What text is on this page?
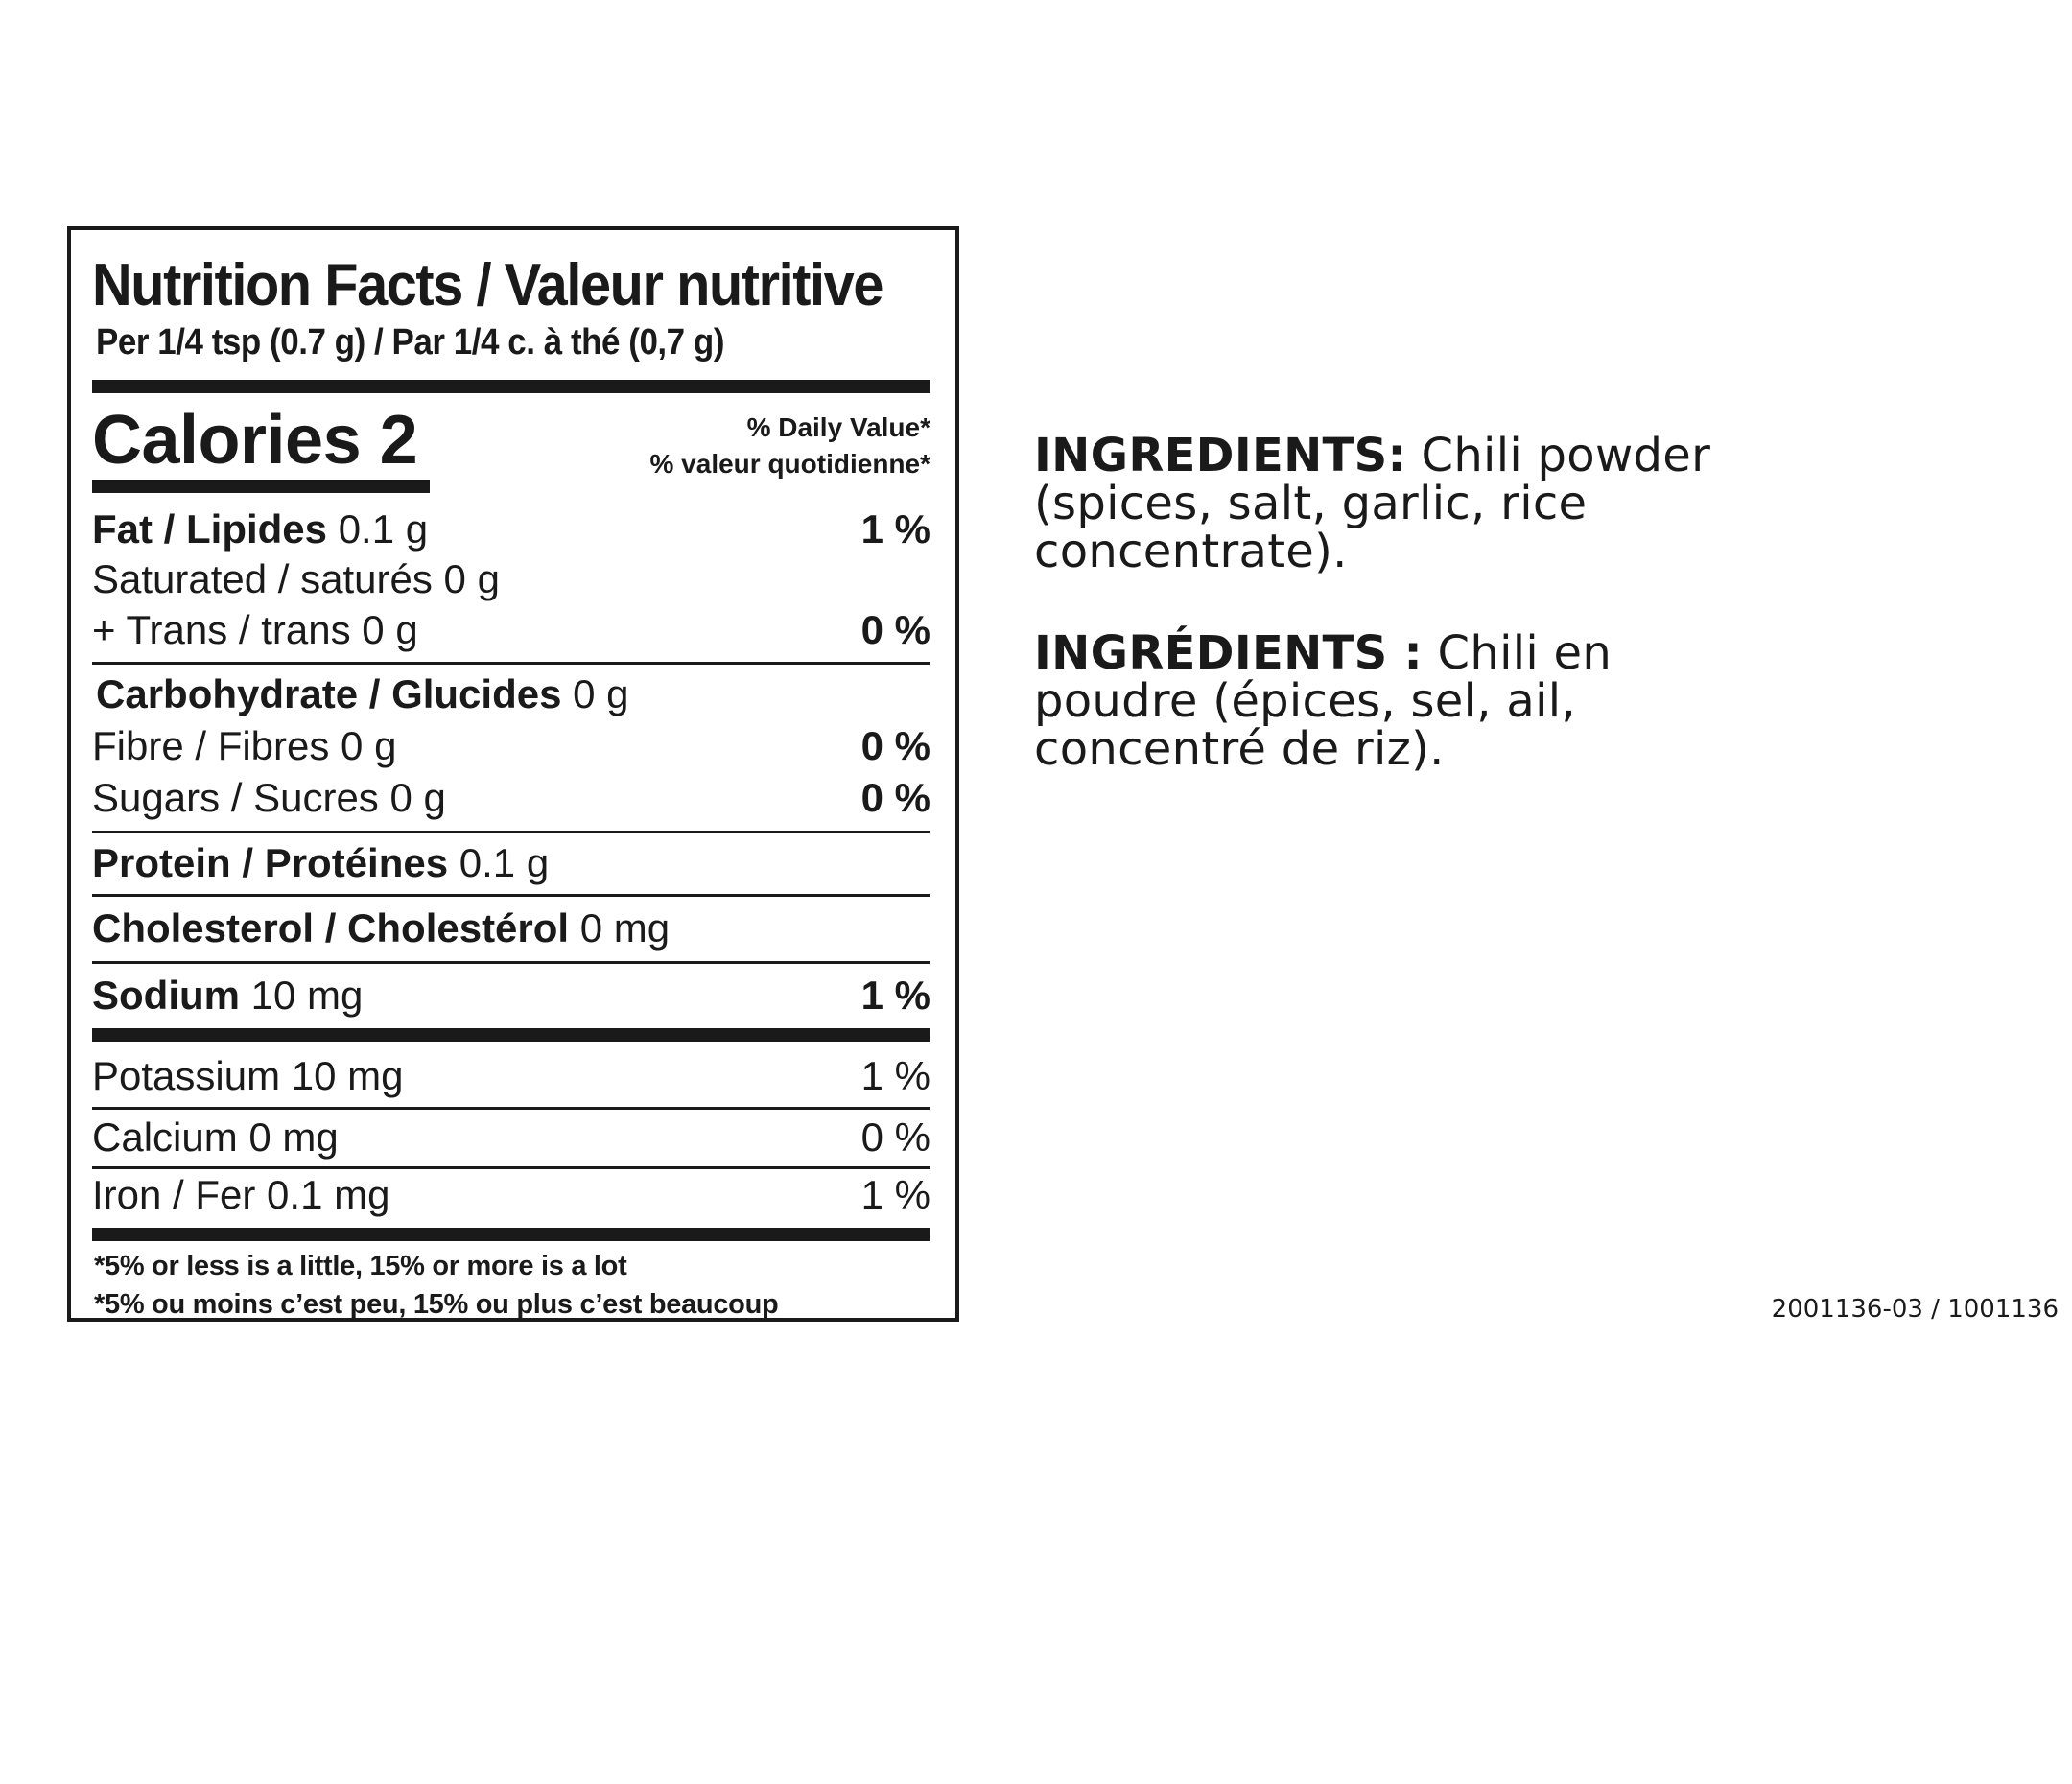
Nutrition Facts / Valeur nutritive
Per 1/4 tsp (0.7 g) / Par 1/4 c. à thé (0,7 g)
Calories 2	% Daily Value*
% valeur quotidienne*
Fat / Lipides 0.1 g	1 %
Saturated / saturés 0 g
+ Trans / trans 0 g	0 %
Carbohydrate / Glucides 0 g
Fibre / Fibres 0 g	0 %
Sugars / Sucres 0 g	0 %
Protein / Protéines 0.1 g
Cholesterol / Cholestérol 0 mg
Sodium 10 mg	1 %
Potassium 10 mg	1 %
Calcium 0 mg	0 %
Iron / Fer 0.1 mg	1 %
*5% or less is a little, 15% or more is a lot
*5% ou moins c’est peu, 15% ou plus c’est beaucoup
INGREDIENTS: Chili powder (spices, salt, garlic, rice concentrate).
INGRÉDIENTS : Chili en poudre (épices, sel, ail, concentré de riz).
2001136-03 / 1001136
